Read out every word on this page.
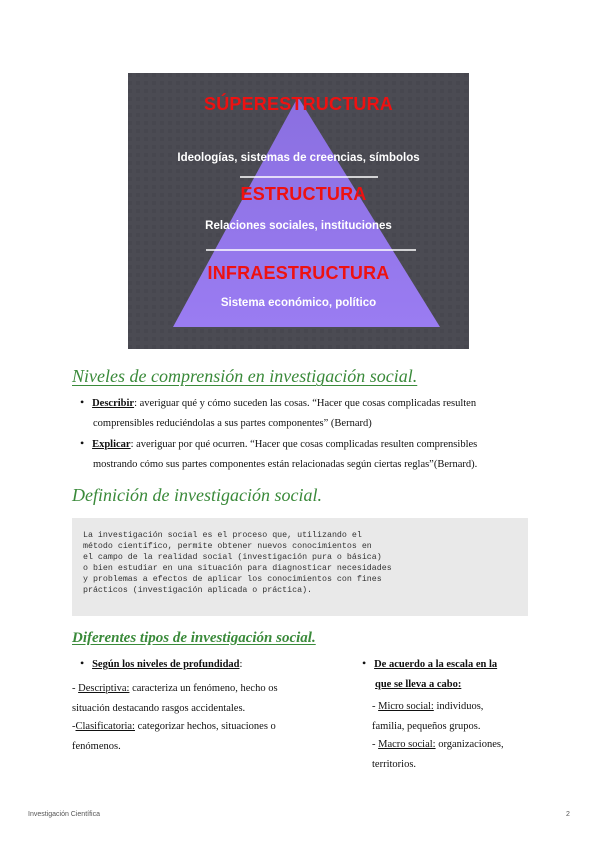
SÚPERESTRUCTURA
Ideologías, sistemas de creencias, símbolos
ESTRUCTURA
Relaciones sociales, instituciones
INFRAESTRUCTURA
Sistema económico, político
Niveles de comprensión en investigación social.
• Describir: averiguar qué y cómo suceden las cosas. “Hacer que cosas complicadas resulten
comprensibles reduciéndolas a sus partes componentes” (Bernard)
• Explicar: averiguar por qué ocurren. “Hacer que cosas complicadas resulten comprensibles
mostrando cómo sus partes componentes están relacionadas según ciertas reglas”(Bernard).
Definición de investigación social.
La investigación social es el proceso que, utilizando el
método científico, permite obtener nuevos conocimientos en
el campo de la realidad social (investigación pura o básica)
o bien estudiar en una situación para diagnosticar necesidades
y problemas a efectos de aplicar los conocimientos con fines
prácticos (investigación aplicada o práctica).
Diferentes tipos de investigación social.
• Según los niveles de profundidad:
- Descriptiva: caracteriza un fenómeno, hecho os
situación destacando rasgos accidentales.
-Clasificatoria: categorizar hechos, situaciones o
fenómenos.
• De acuerdo a la escala en la
que se lleva a cabo:
- Micro social: individuos,
familia, pequeños grupos.
- Macro social: organizaciones,
territorios.
Investigación Científica	2
